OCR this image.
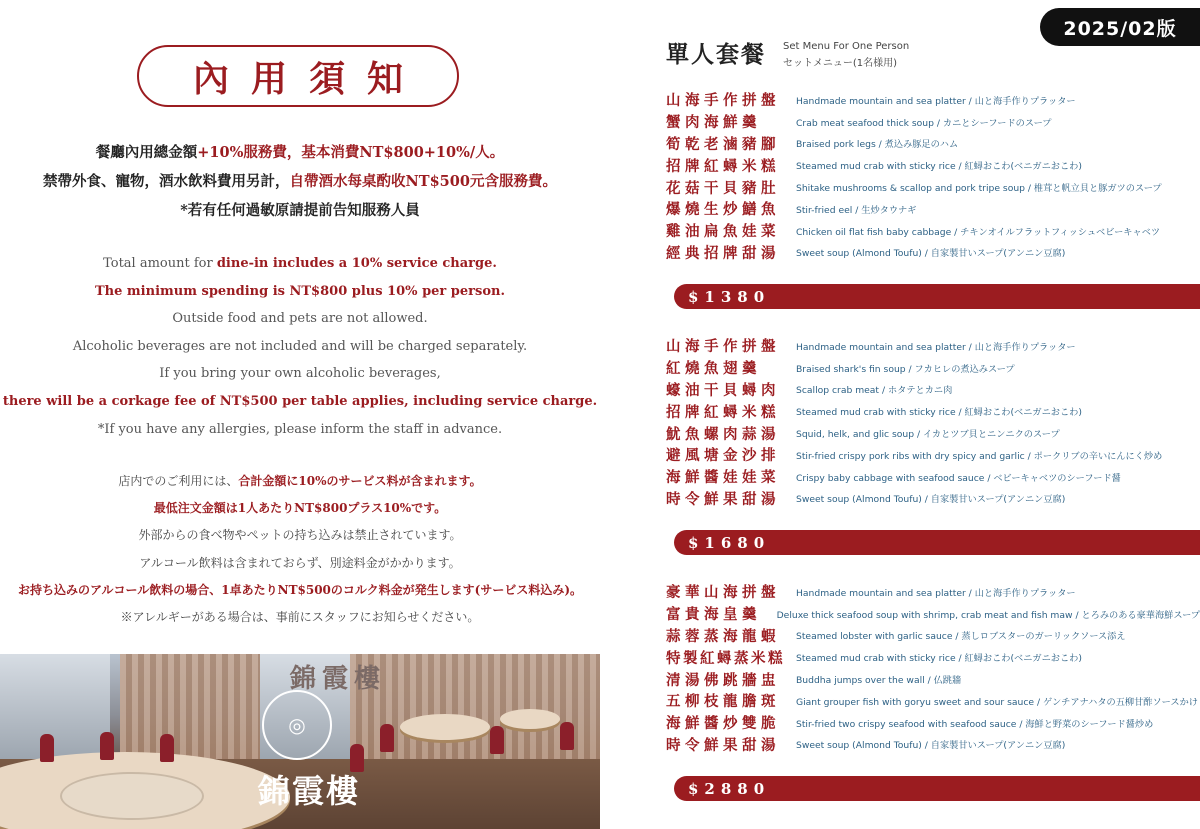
內用須知
餐廳內用總金額+10%服務費，基本消費NT$800+10%/人。
禁帶外食、寵物，酒水飲料費用另計，自帶酒水每桌酌收NT$500元含服務費。
*若有任何過敏原請提前告知服務人員
Total amount for dine-in includes a 10% service charge.
The minimum spending is NT$800 plus 10% per person.
Outside food and pets are not allowed.
Alcoholic beverages are not included and will be charged separately.
If you bring your own alcoholic beverages,
there will be a corkage fee of NT$500 per table applies, including service charge.
*If you have any allergies, please inform the staff in advance.
店内でのご利用には、合計金額に10%のサービス料が含まれます。
最低注文金額は1人あたりNT$800プラス10%です。
外部からの食べ物やペットの持ち込みは禁止されています。
アルコール飲料は含まれておらず、別途料金がかかります。
お持ち込みのアルコール飲料の場合、1卓あたりNT$500のコルク料金が発生します(サービス料込み)。
※アレルギーがある場合は、事前にスタッフにお知らせください。
錦霞樓
◎
錦霞樓
2025/02版
單人套餐 Set Menu For One Person
セットメニュー(1名様用)
山海手作拼盤	Handmade mountain and sea platter / 山と海手作りプラッター
蟹肉海鮮羹	Crab meat seafood thick soup / カニとシーフードのスープ
筍乾老滷豬腳	Braised pork legs / 煮込み豚足のハム
招牌紅蟳米糕	Steamed mud crab with sticky rice / 紅蟳おこわ(ベニガニおこわ)
花菇干貝豬肚	Shitake mushrooms & scallop and pork tripe soup / 椎茸と帆立貝と豚ガツのスープ
爆燒生炒鱔魚	Stir-fried eel / 生炒タウナギ
雞油扁魚娃菜	Chicken oil flat fish baby cabbage / チキンオイルフラットフィッシュベビーキャベツ
經典招牌甜湯	Sweet soup (Almond Toufu) / 自家製甘いスープ(アンニン豆腐)
$1380
山海手作拼盤	Handmade mountain and sea platter / 山と海手作りプラッター
紅燒魚翅羹	Braised shark's fin soup / フカヒレの煮込みスープ
蠔油干貝蟳肉	Scallop crab meat / ホタテとカニ肉
招牌紅蟳米糕	Steamed mud crab with sticky rice / 紅蟳おこわ(ベニガニおこわ)
魷魚螺肉蒜湯	Squid, helk, and glic soup / イカとツブ貝とニンニクのスープ
避風塘金沙排	Stir-fried crispy pork ribs with dry spicy and garlic / ポークリブの辛いにんにく炒め
海鮮醬娃娃菜	Crispy baby cabbage with seafood sauce / ベビーキャベツのシーフード醤
時令鮮果甜湯	Sweet soup (Almond Toufu) / 自家製甘いスープ(アンニン豆腐)
$1680
豪華山海拼盤	Handmade mountain and sea platter / 山と海手作りプラッター
富貴海皇羹	Deluxe thick seafood soup with shrimp, crab meat and fish maw / とろみのある豪華海鮮スープ
蒜蓉蒸海龍蝦	Steamed lobster with garlic sauce / 蒸しロブスターのガーリックソース添え
特製紅蟳蒸米糕	Steamed mud crab with sticky rice / 紅蟳おこわ(ベニガニおこわ)
清湯佛跳牆盅	Buddha jumps over the wall / 仏跳牆
五柳枝龍膽斑	Giant grouper fish with goryu sweet and sour sauce / ゲンチアナハタの五柳甘酢ソースかけ
海鮮醬炒雙脆	Stir-fried two crispy seafood with seafood sauce / 海鮮と野菜のシーフード醤炒め
時令鮮果甜湯	Sweet soup (Almond Toufu) / 自家製甘いスープ(アンニン豆腐)
$2880
